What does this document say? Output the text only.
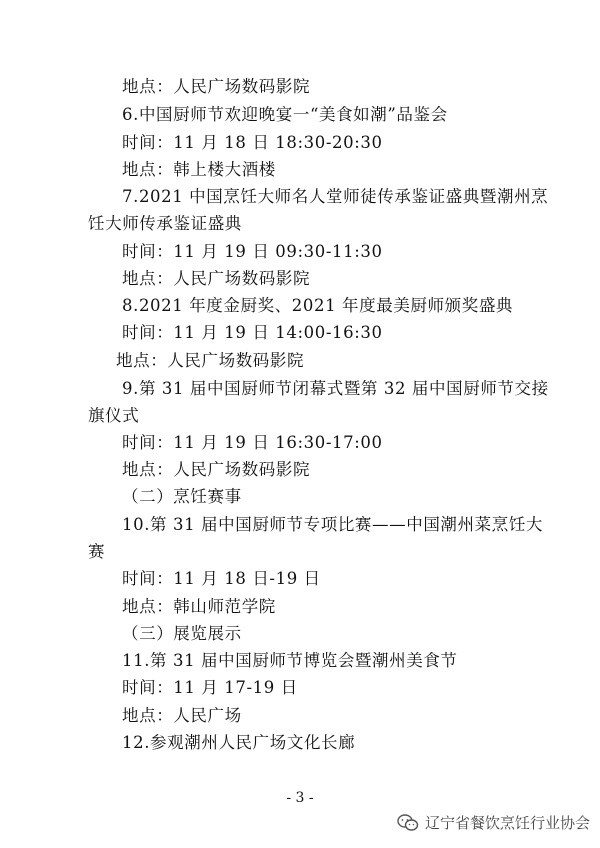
地点：人民广场数码影院
6.中国厨师节欢迎晚宴一“美食如潮”品鉴会
时间：11 月 18 日 18:30-20:30
地点：韩上楼大酒楼
7.2021 中国烹饪大师名人堂师徒传承鉴证盛典暨潮州烹
饪大师传承鉴证盛典
时间：11 月 19 日 09:30-11:30
地点：人民广场数码影院
8.2021 年度金厨奖、2021 年度最美厨师颁奖盛典
时间：11 月 19 日 14:00-16:30
地点：人民广场数码影院
9.第 31 届中国厨师节闭幕式暨第 32 届中国厨师节交接
旗仪式
时间：11 月 19 日 16:30-17:00
地点：人民广场数码影院
（二）烹饪赛事
10.第 31 届中国厨师节专项比赛——中国潮州菜烹饪大
赛
时间：11 月 18 日-19 日
地点：韩山师范学院
（三）展览展示
11.第 31 届中国厨师节博览会暨潮州美食节
时间：11 月 17-19 日
地点：人民广场
12.参观潮州人民广场文化长廊
- 3 -
辽宁省餐饮烹饪行业协会
